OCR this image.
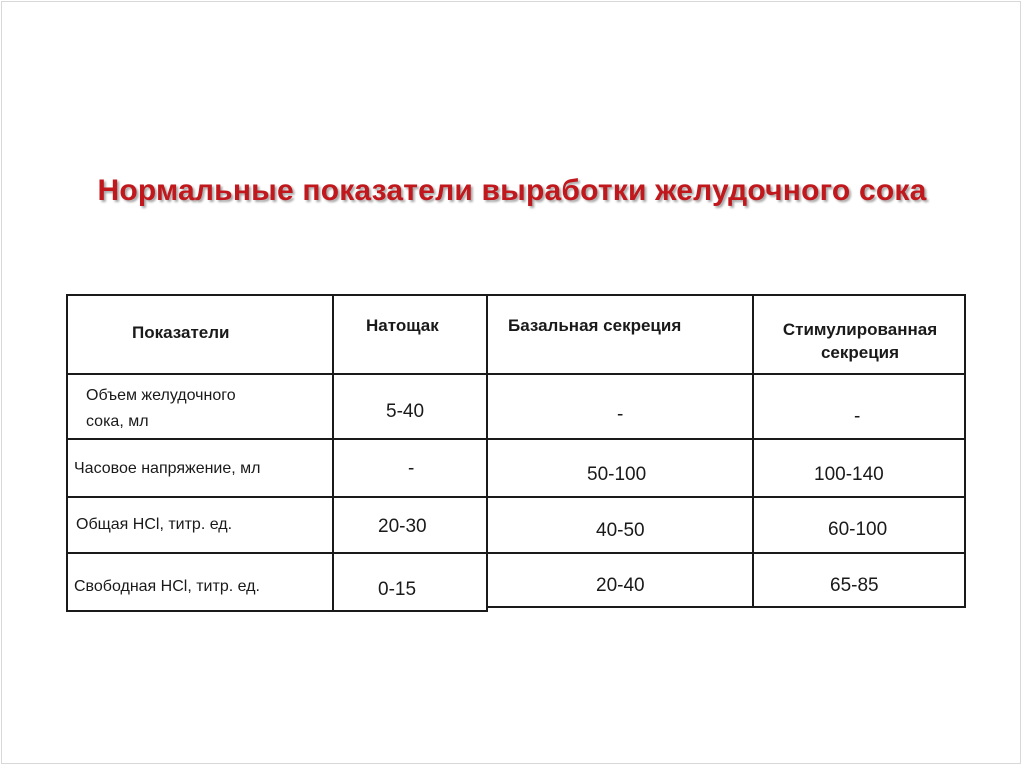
Нормальные показатели выработки желудочного сока
Показатели	Натощак	Базальная секреция	Стимулированная
секреция
Объем желудочного
сока, мл	5-40	-	-
Часовое напряжение, мл	-	50-100	100-140
Общая HCl, титр. ед.	20-30	40-50	60-100
Свободная HCl, титр. ед.	0-15	20-40	65-85
